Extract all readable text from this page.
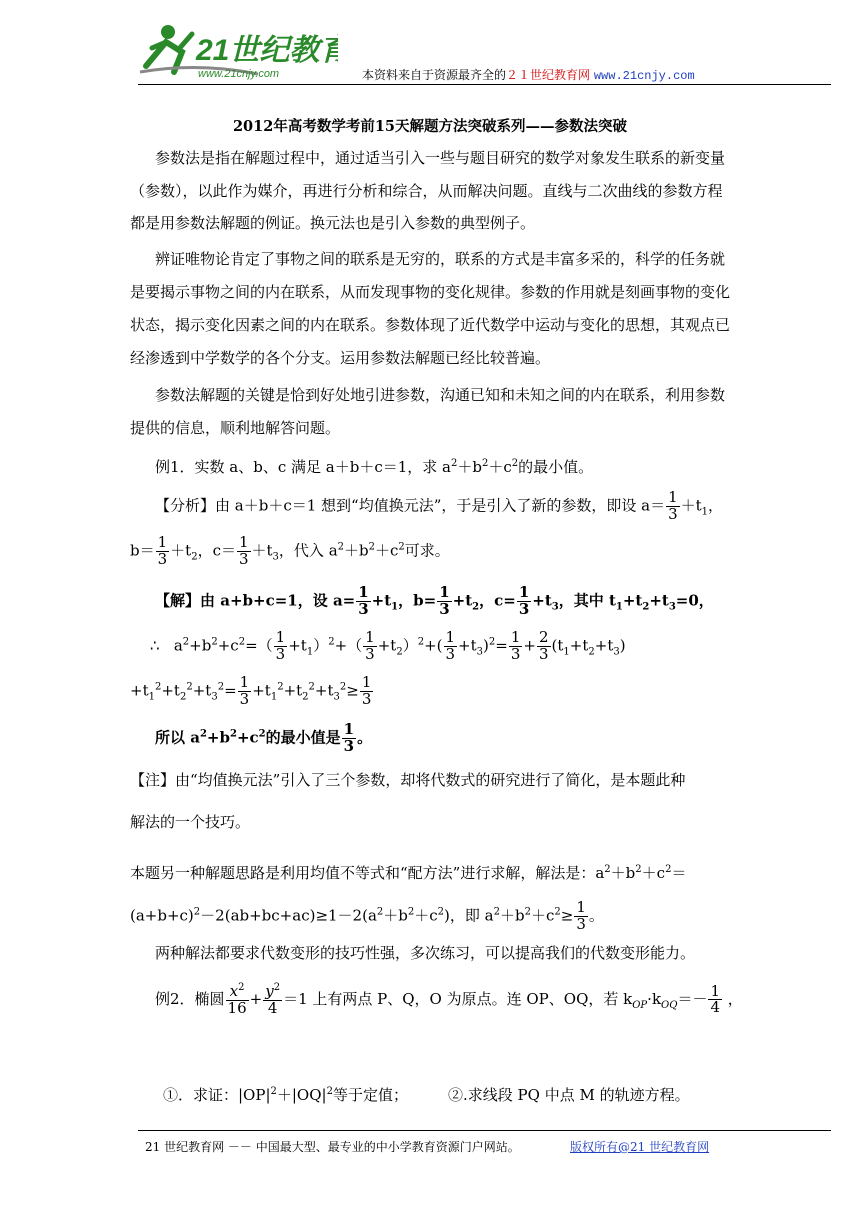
21世纪教育
www.21cnjy.com	本资料来自于资源最齐全的２１世纪教育网 www.21cnjy.com
2012年高考数学考前15天解题方法突破系列——参数法突破
参数法是指在解题过程中，通过适当引入一些与题目研究的数学对象发生联系的新变量
（参数），以此作为媒介，再进行分析和综合，从而解决问题。直线与二次曲线的参数方程
都是用参数法解题的例证。换元法也是引入参数的典型例子。
辨证唯物论肯定了事物之间的联系是无穷的，联系的方式是丰富多采的，科学的任务就
是要揭示事物之间的内在联系，从而发现事物的变化规律。参数的作用就是刻画事物的变化
状态，揭示变化因素之间的内在联系。参数体现了近代数学中运动与变化的思想，其观点已
经渗透到中学数学的各个分支。运用参数法解题已经比较普遍。
参数法解题的关键是恰到好处地引进参数，沟通已知和未知之间的内在联系，利用参数
提供的信息，顺利地解答问题。
例1．实数 a、b、c 满足 a＋b＋c＝1，求 $a^2+b^2+c^2$的最小值。
【分析】由 a＋b＋c＝1 想到“均值换元法”，于是引入了新的参数，即设 $a= \frac{1}{3} +t_1$，
$b= \frac{1}{3} +t_2$，$c= \frac{1}{3} +t_3$，代入 $a^2+b^2+c^2$可求。
【解】由 a+b+c=1，设 $a= \frac{1}{3} +t_1$，$b= \frac{1}{3} +t_2$，$c= \frac{1}{3} +t_3$，其中 $t_1+t_2+t_3=0$，
∴   $a^2+b^2+c^2=( \frac{1}{3} +t_1)^2+( \frac{1}{3} +t_2)^2+( \frac{1}{3} +t_3)^2= \frac{1}{3} + \frac{2}{3} (t_1+t_2+t_3)$
$+t_1^2+t_2^2+t_3^2= \frac{1}{3} +t_1^2+t_2^2+t_3^2\ge \frac{1}{3}$
所以 $a^2+b^2+c^2$的最小值是 $\frac{1}{3}$ 。
【注】由“均值换元法”引入了三个参数，却将代数式的研究进行了简化，是本题此种
解法的一个技巧。
本题另一种解题思路是利用均值不等式和“配方法”进行求解，解法是：$a^2+b^2+c^2=$
$(a+b+c)^2-2(ab+bc+ac)\ge 1-2(a^2+b^2+c^2)$，即 $a^2+b^2+c^2\ge \frac{1}{3}$ 。
两种解法都要求代数变形的技巧性强，多次练习，可以提高我们的代数变形能力。
例2．椭圆 $\frac{x^2}{16} + \frac{y^2}{4} =1$ 上有两点 P、Q，O 为原点。连 OP、OQ，若 $k_{OP}\cdot k_{OQ}=- \frac{1}{4}$ ，
①．求证：$|OP|^2+|OQ|^2$等于定值；	②.求线段 PQ 中点 M 的轨迹方程。
21 世纪教育网 －－ 中国最大型、最专业的中小学教育资源门户网站。	版权所有@21 世纪教育网
